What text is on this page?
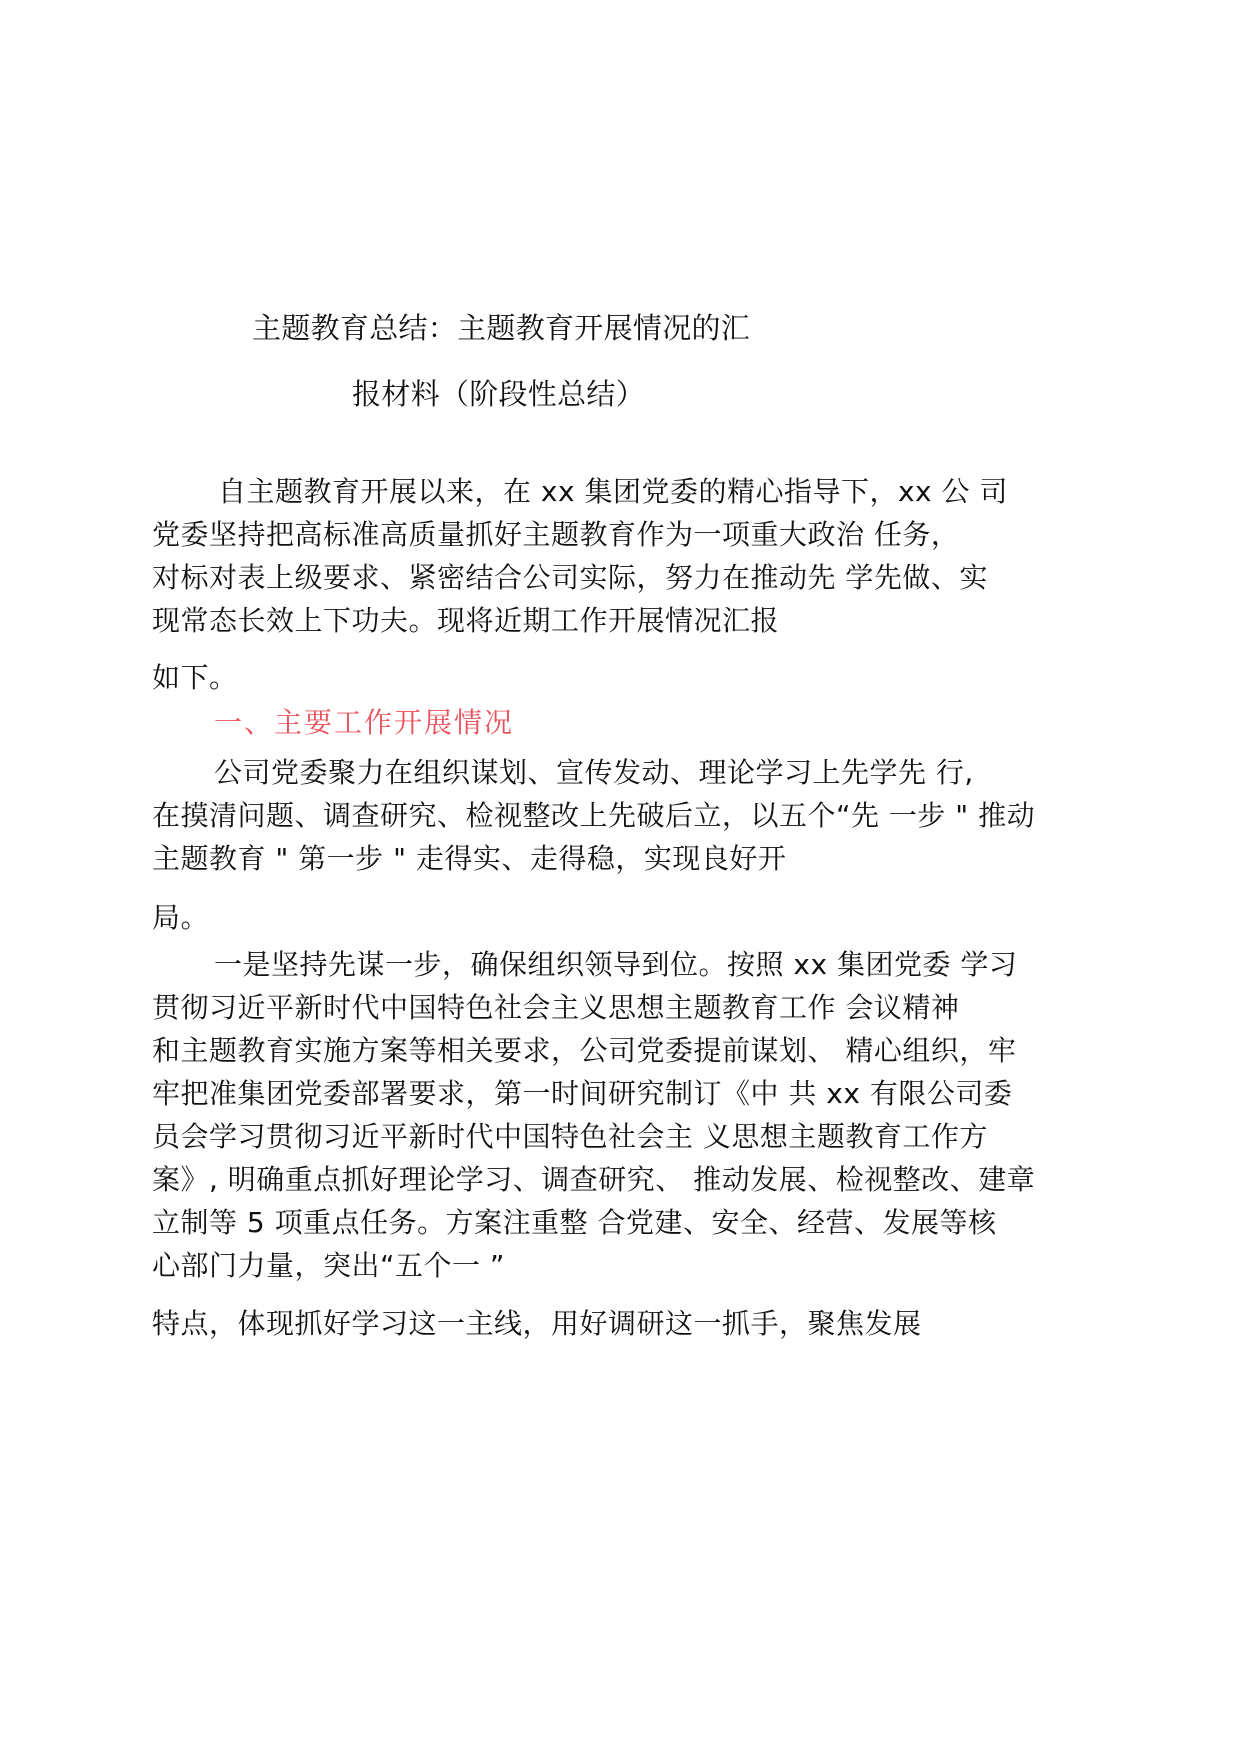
主题教育总结：主题教育开展情况的汇
报材料（阶段性总结）
自主题教育开展以来，在 xx 集团党委的精心指导下，xx 公 司
党委坚持把高标准高质量抓好主题教育作为一项重大政治 任务，
对标对表上级要求、紧密结合公司实际，努力在推动先 学先做、实
现常态长效上下功夫。现将近期工作开展情况汇报
如下。
一、主要工作开展情况
公司党委聚力在组织谋划、宣传发动、理论学习上先学先 行,
在摸清问题、调查研究、检视整改上先破后立，以五个“先 一步 " 推动
主题教育 " 第一步 " 走得实、走得稳，实现良好开
局。
一是坚持先谋一步，确保组织领导到位。按照 xx 集团党委 学习
贯彻习近平新时代中国特色社会主义思想主题教育工作 会议精神
和主题教育实施方案等相关要求，公司党委提前谋划、 精心组织，牢
牢把准集团党委部署要求，第一时间研究制订《中 共 xx 有限公司委
员会学习贯彻习近平新时代中国特色社会主 义思想主题教育工作方
案》, 明确重点抓好理论学习、调查研究、 推动发展、检视整改、建章
立制等 5 项重点任务。方案注重整 合党建、安全、经营、发展等核
心部门力量，突出“五个一 ”
特点，体现抓好学习这一主线，用好调研这一抓手，聚焦发展
